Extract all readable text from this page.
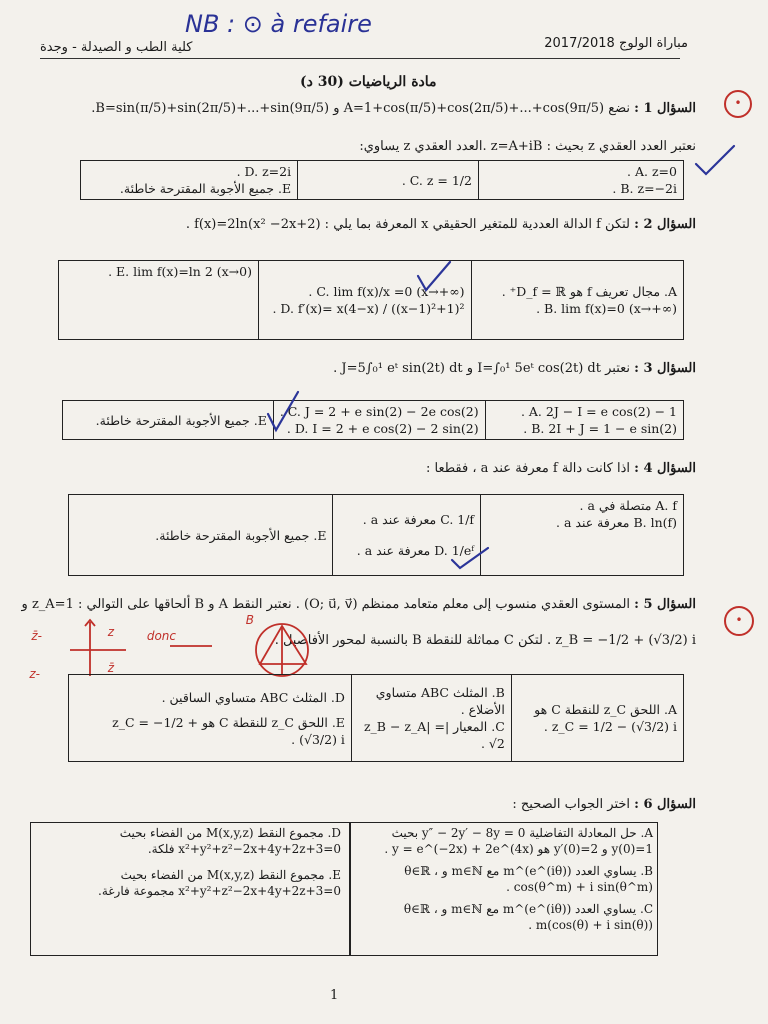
مباراة الولوج 2017/2018
كلية الطب و الصيدلة - وجدة
NB : ⊙ à refaire
مادة الرياضيات (30 د)
•
السؤال 1 : نضع A=1+cos(π/5)+cos(2π/5)+...+cos(9π/5) و B=sin(π/5)+sin(2π/5)+...+sin(9π/5).
نعتبر العدد العقدي z بحيث : z=A+iB .العدد العقدي z يساوي:
A. z=0 .
B. z=−2i .

C. z = 1/2 .

D. z=2i .
E. جميع الأجوبة المقترحة خاطئة.
السؤال 2 : لتكن f الدالة العددية للمتغير الحقيقي x المعرفة بما يلي : f(x)=2ln(x² −2x+2) .
A. مجال تعريف f هو D_f = ℝ⁺ .
B. lim f(x)=0 (x→+∞) .

C. lim f(x)/x =0 (x→+∞) .
D. f′(x)= x(4−x) / ((x−1)²+1)² .

E. lim f(x)=ln 2 (x→0) .
السؤال 3 : نعتبر I=∫₀¹ 5eᵗ cos(2t) dt و J=5∫₀¹ eᵗ sin(2t) dt .
A. 2J − I = e cos(2) − 1 .
B. 2I + J = 1 − e sin(2) .

C. J = 2 + e sin(2) − 2e cos(2) .
D. I = 2 + e cos(2) − 2 sin(2) .

E. جميع الأجوبة المقترحة خاطئة.
السؤال 4 : اذا كانت دالة f معرفة عند a ، فقطعا :
A. f متصلة في a .
B. ln(f) معرفة عند a .

C. 1/f معرفة عند a .
D. 1/eᶠ معرفة عند a .

E. جميع الأجوبة المقترحة خاطئة.
•
السؤال 5 : المستوى العقدي منسوب إلى معلم متعامد ممنظم (O; u⃗, v⃗) . نعتبر النقط A و B ألحاقها على التوالي : z_A=1 و
z_B = −1/2 + (√3/2) i . لتكن C مماثلة للنقطة B بالنسبة لمحور الأفاصيل .
-z̄	z
-z	z̄
donc
B
A. اللحق z_C للنقطة C هو z_C = 1/2 − (√3/2) i .

B. المثلث ABC متساوي الأضلاع .
C. المعيار |z_B − z_A| = √2 .

D. المثلث ABC متساوي الساقين .
E. اللحق z_C للنقطة C هو z_C = −1/2 + (√3/2) i .
السؤال 6 : اختر الجواب الصحيح :
A. حل المعادلة التفاضلية y″ − 2y′ − 8y = 0 بحيث y(0)=1 و y′(0)=2 هو y = e^(−2x) + 2e^(4x) .
B. يساوي العدد (e^(iθ))^m مع m∈ℕ و θ∈ℝ ، cos(θ^m) + i sin(θ^m) .
C. يساوي العدد (e^(iθ))^m مع m∈ℕ و θ∈ℝ ، m(cos(θ) + i sin(θ)) .
D. مجموع النقط M(x,y,z) من الفضاء بحيث x²+y²+z²−2x+4y+2z+3=0 فلكة.
E. مجموع النقط M(x,y,z) من الفضاء بحيث x²+y²+z²−2x+4y+2z+3=0 مجموعة فارغة.
1
